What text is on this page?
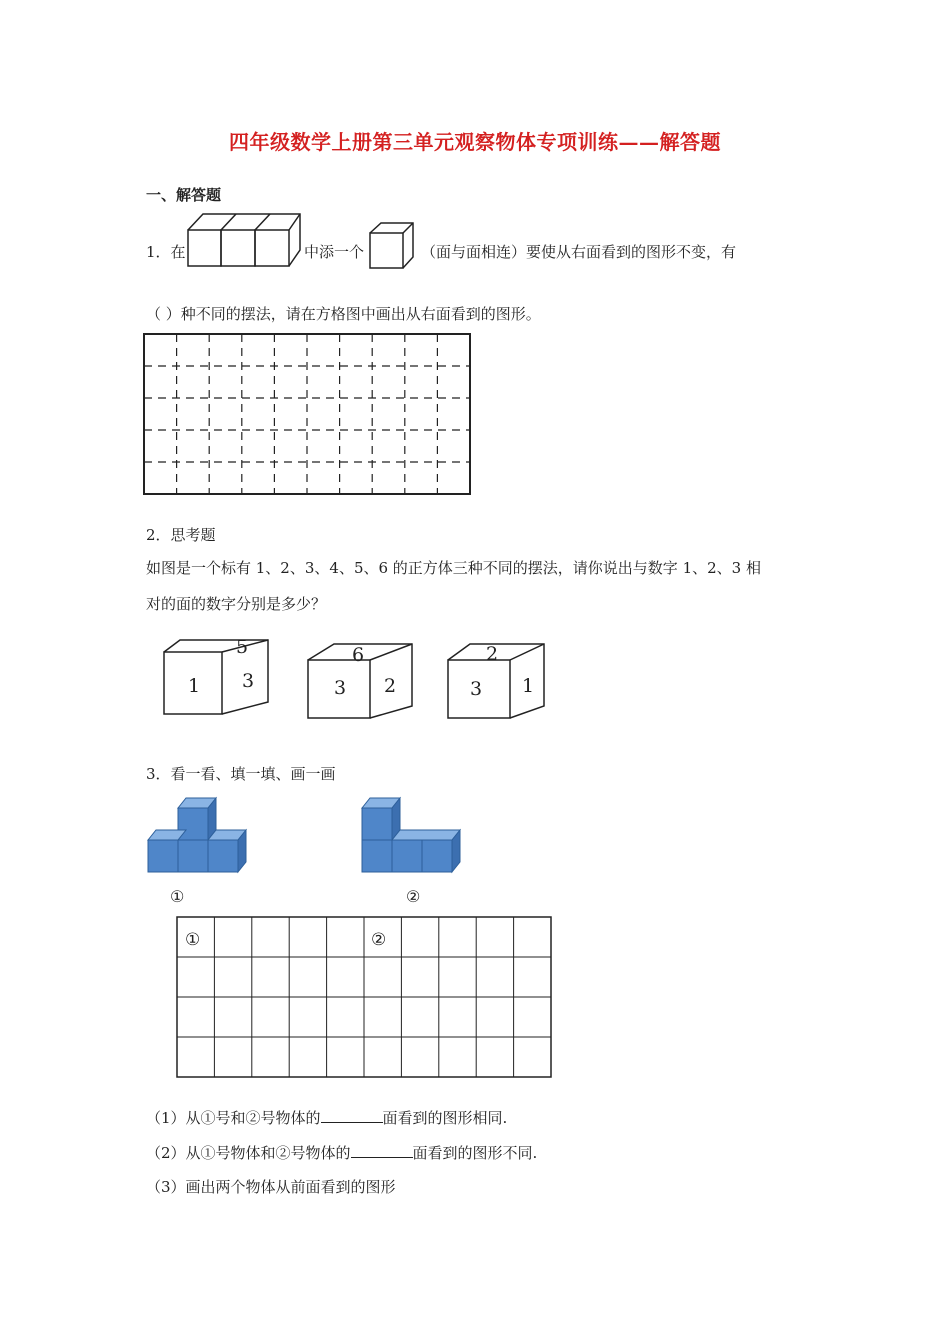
四年级数学上册第三单元观察物体专项训练——解答题
一、解答题
1．在	中添一个	（面与面相连）要使从右面看到的图形不变，有
（ ）种不同的摆法，请在方格图中画出从右面看到的图形。
2．思考题
如图是一个标有 1、2、3、4、5、6 的正方体三种不同的摆法，请你说出与数字 1、2、3 相
对的面的数字分别是多少？
5
1 3
6
3 2
2
3 1
3．看一看、填一填、画一画
①	②
①	②
（1）从①号和②号物体的	面看到的图形相同.
（2）从①号物体和②号物体的	面看到的图形不同.
（3）画出两个物体从前面看到的图形
